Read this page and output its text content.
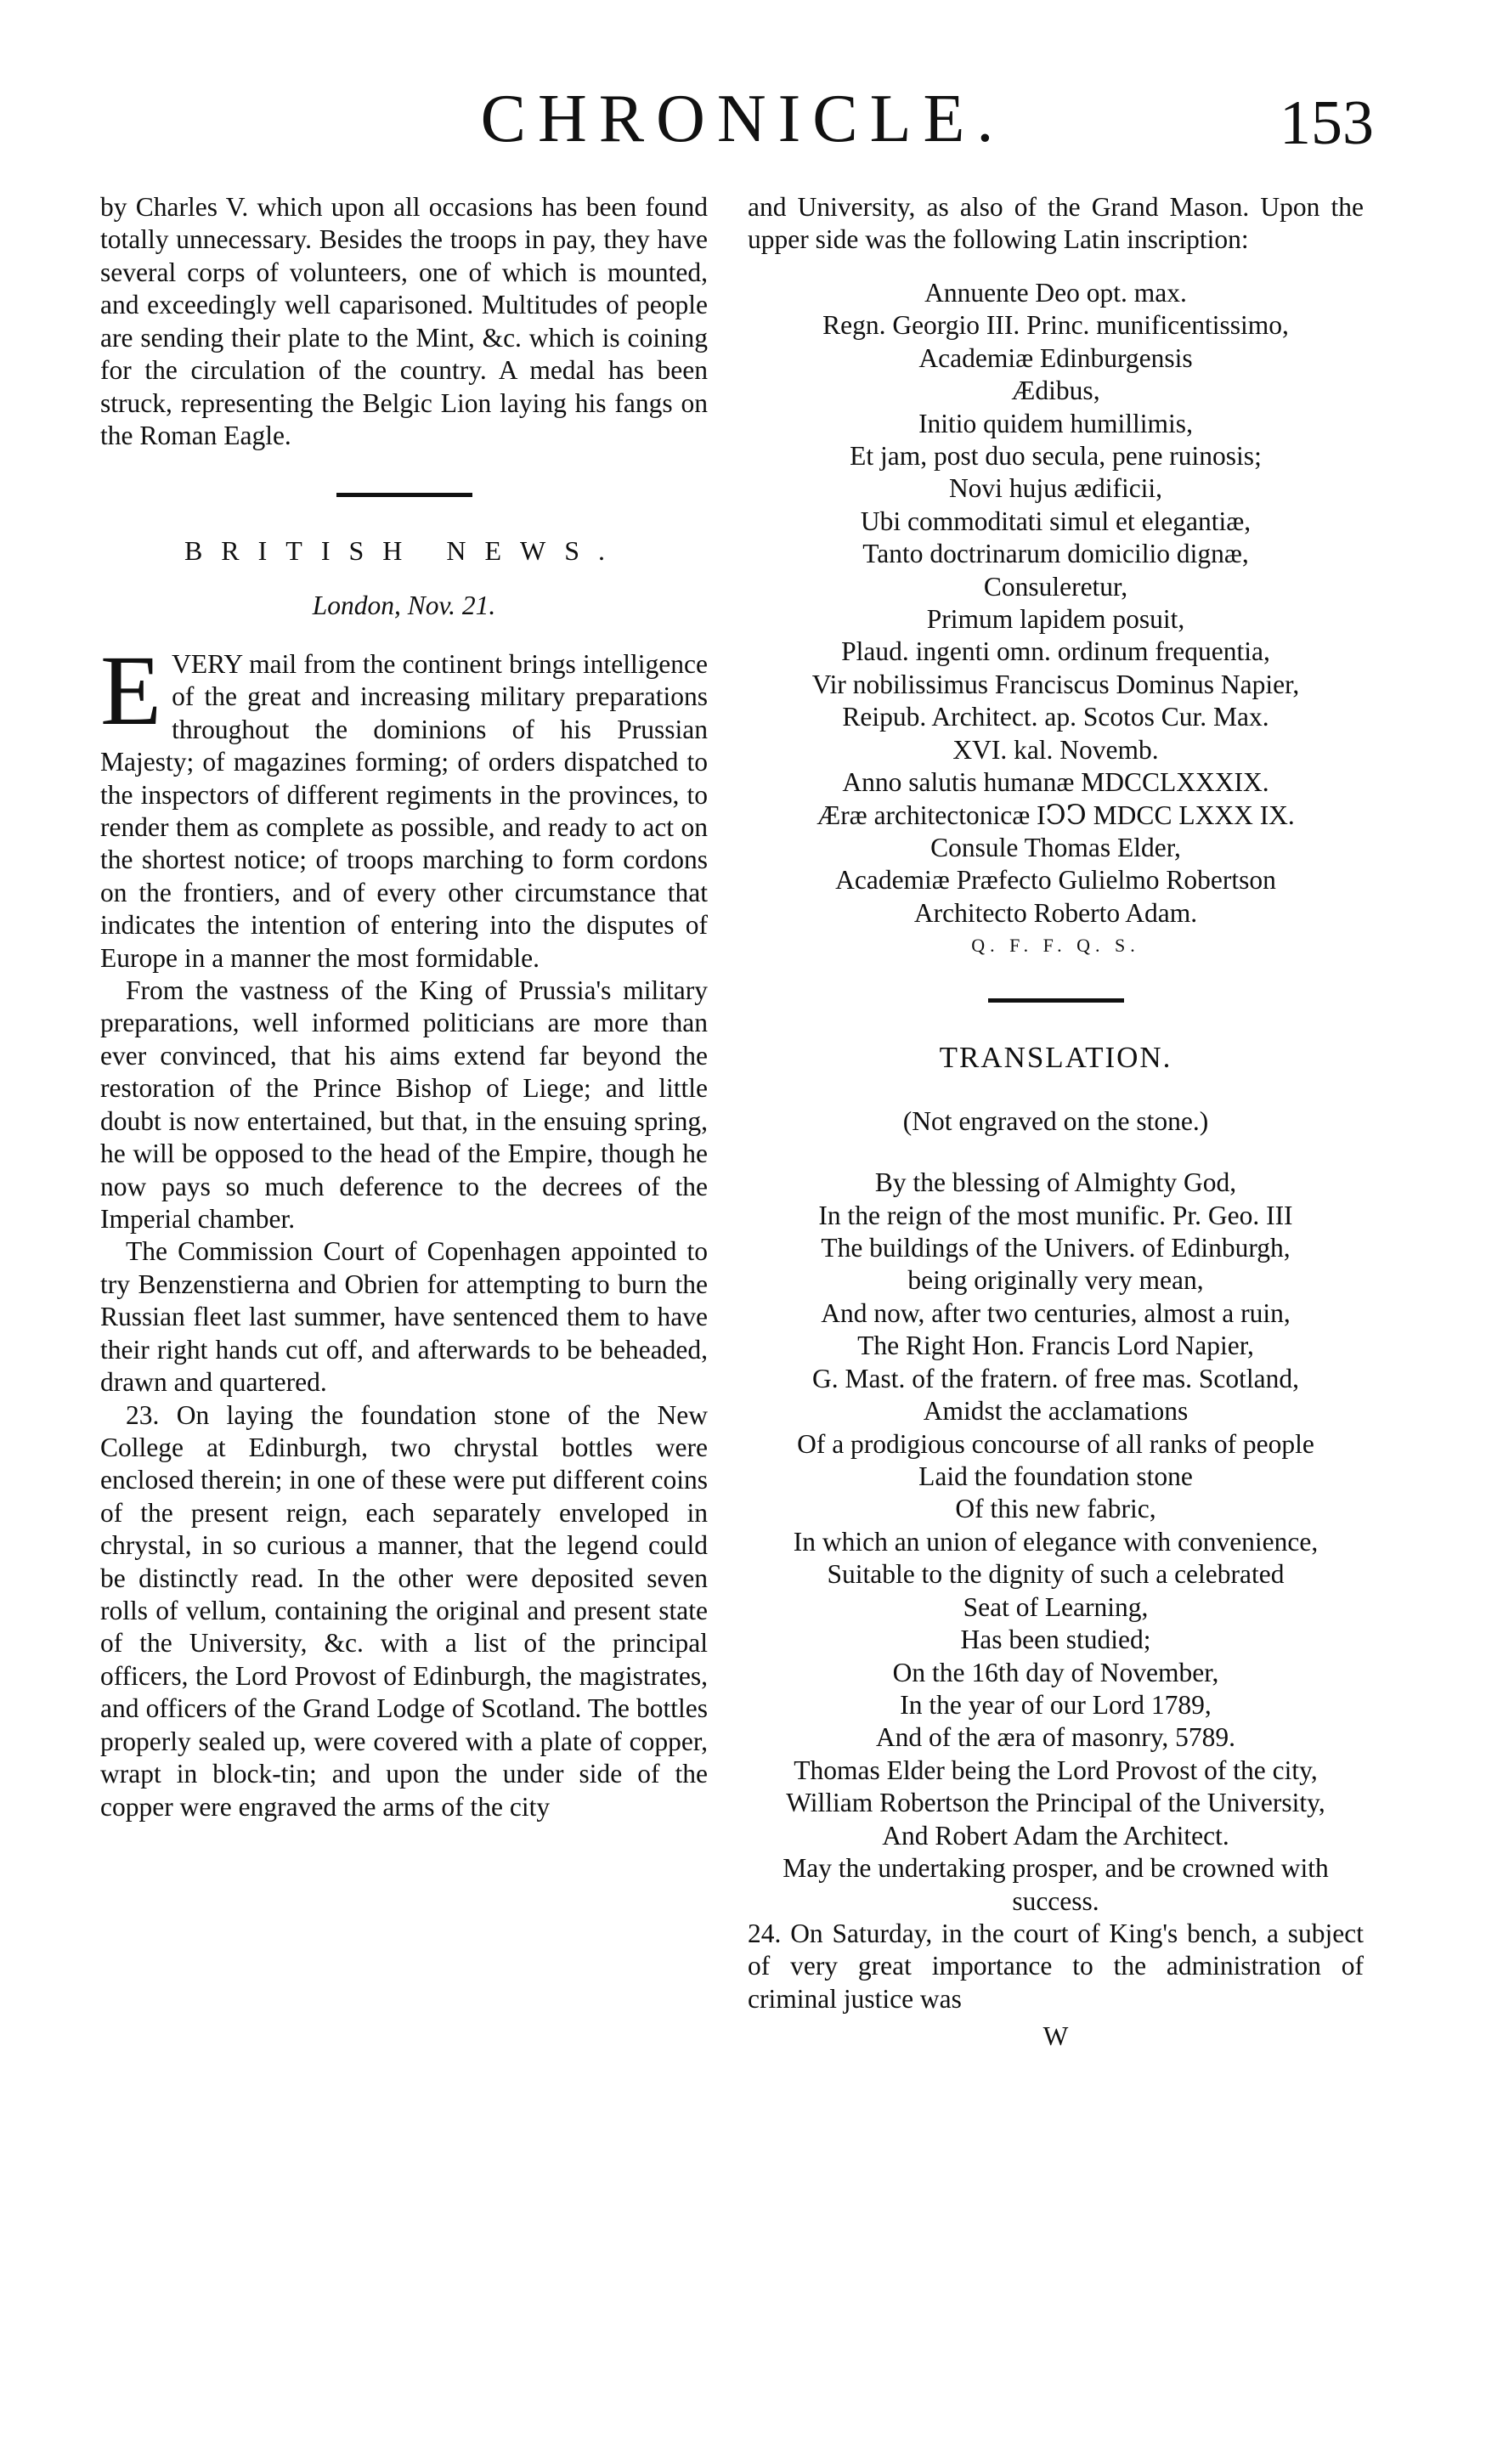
CHRONICLE.	153

by Charles V. which upon all occasions has been found totally unnecessary. Besides the troops in pay, they have several corps of volunteers, one of which is mounted, and exceedingly well caparisoned. Multitudes of people are sending their plate to the Mint, &c. which is coining for the circulation of the country. A medal has been struck, representing the Belgic Lion laying his fangs on the Roman Eagle.

BRITISH NEWS.
London, Nov. 21.

E VERY mail from the continent brings intelligence of the great and increasing military preparations throughout the dominions of his Prussian Majesty; of magazines forming; of orders dispatched to the inspectors of different regiments in the provinces, to render them as complete as possible, and ready to act on the shortest notice; of troops marching to form cordons on the frontiers, and of every other circumstance that indicates the intention of entering into the disputes of Europe in a manner the most formidable.

From the vastness of the King of Prussia's military preparations, well informed politicians are more than ever convinced, that his aims extend far beyond the restoration of the Prince Bishop of Liege; and little doubt is now entertained, but that, in the ensuing spring, he will be opposed to the head of the Empire, though he now pays so much deference to the decrees of the Imperial chamber.

The Commission Court of Copenhagen appointed to try Benzenstierna and Obrien for attempting to burn the Russian fleet last summer, have sentenced them to have their right hands cut off, and afterwards to be beheaded, drawn and quartered.

23. On laying the foundation stone of the New College at Edinburgh, two chrystal bottles were enclosed therein; in one of these were put different coins of the present reign, each separately enveloped in chrystal, in so curious a manner, that the legend could be distinctly read. In the other were deposited seven rolls of vellum, containing the original and present state of the University, &c. with a list of the principal officers, the Lord Provost of Edinburgh, the magistrates, and officers of the Grand Lodge of Scotland. The bottles properly sealed up, were covered with a plate of copper, wrapt in block-tin; and upon the under side of the copper were engraved the arms of the city

and University, as also of the Grand Mason. Upon the upper side was the following Latin inscription:

Annuente Deo opt. max.
Regn. Georgio III. Princ. munificentissimo,
Academiæ Edinburgensis
Ædibus,
Initio quidem humillimis,
Et jam, post duo secula, pene ruinosis;
Novi hujus ædificii,
Ubi commoditati simul et elegantiæ,
Tanto doctrinarum domicilio dignæ,
Consuleretur,
Primum lapidem posuit,
Plaud. ingenti omn. ordinum frequentia,
Vir nobilissimus Franciscus Dominus Napier,
Reipub. Architect. ap. Scotos Cur. Max.
XVI. kal. Novemb.
Anno salutis humanæ MDCCLXXXIX.
Æræ architectonicæ IↃↃ MDCC LXXX IX.
Consule Thomas Elder,
Academiæ Præfecto Gulielmo Robertson
Architecto Roberto Adam.
Q. F. F. Q. S.
TRANSLATION.
(Not engraved on the stone.)
By the blessing of Almighty God,
In the reign of the most munific. Pr. Geo. III
The buildings of the Univers. of Edinburgh,
being originally very mean,
And now, after two centuries, almost a ruin,
The Right Hon. Francis Lord Napier,
G. Mast. of the fratern. of free mas. Scotland,
Amidst the acclamations
Of a prodigious concourse of all ranks of people
Laid the foundation stone
Of this new fabric,
In which an union of elegance with convenience,
Suitable to the dignity of such a celebrated
Seat of Learning,
Has been studied;
On the 16th day of November,
In the year of our Lord 1789,
And of the æra of masonry, 5789.
Thomas Elder being the Lord Provost of the city,
William Robertson the Principal of the University,
And Robert Adam the Architect.
May the undertaking prosper, and be crowned with success.

24. On Saturday, in the court of King's bench, a subject of very great importance to the administration of criminal justice was

W
